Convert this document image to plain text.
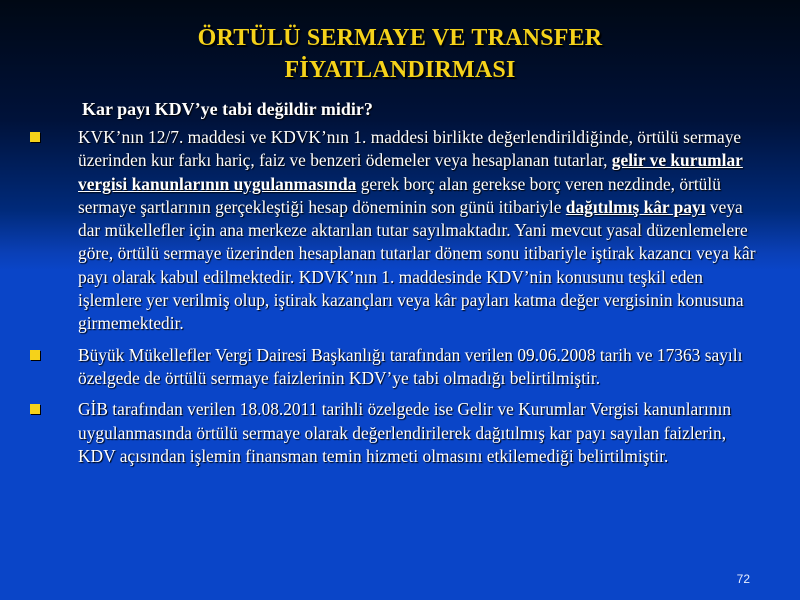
ÖRTÜLÜ SERMAYE VE TRANSFER
FİYATLANDIRMASI
Kar payı KDV’ye tabi değildir midir?
KVK’nın 12/7. maddesi ve KDVK’nın 1. maddesi birlikte değerlendirildiğinde, örtülü sermaye üzerinden kur farkı hariç, faiz ve benzeri ödemeler veya hesaplanan tutarlar, gelir ve kurumlar vergisi kanunlarının uygulanmasında gerek borç alan gerekse borç veren nezdinde, örtülü sermaye şartlarının gerçekleştiği hesap döneminin son günü itibariyle dağıtılmış kâr payı veya dar mükellefler için ana merkeze aktarılan tutar sayılmaktadır. Yani mevcut yasal düzenlemelere göre, örtülü sermaye üzerinden hesaplanan tutarlar dönem sonu itibariyle iştirak kazancı veya kâr payı olarak kabul edilmektedir. KDVK’nın 1. maddesinde KDV’nin konusunu teşkil eden işlemlere yer verilmiş olup, iştirak kazançları veya kâr payları katma değer vergisinin konusuna girmemektedir.
Büyük Mükellefler Vergi Dairesi Başkanlığı tarafından verilen 09.06.2008 tarih ve 17363 sayılı özelgede de örtülü sermaye faizlerinin KDV’ye tabi olmadığı belirtilmiştir.
GİB tarafından verilen 18.08.2011 tarihli özelgede ise Gelir ve Kurumlar Vergisi kanunlarının uygulanmasında örtülü sermaye olarak değerlendirilerek dağıtılmış kar payı sayılan faizlerin, KDV açısından işlemin finansman temin hizmeti olmasını etkilemediği belirtilmiştir.
72
